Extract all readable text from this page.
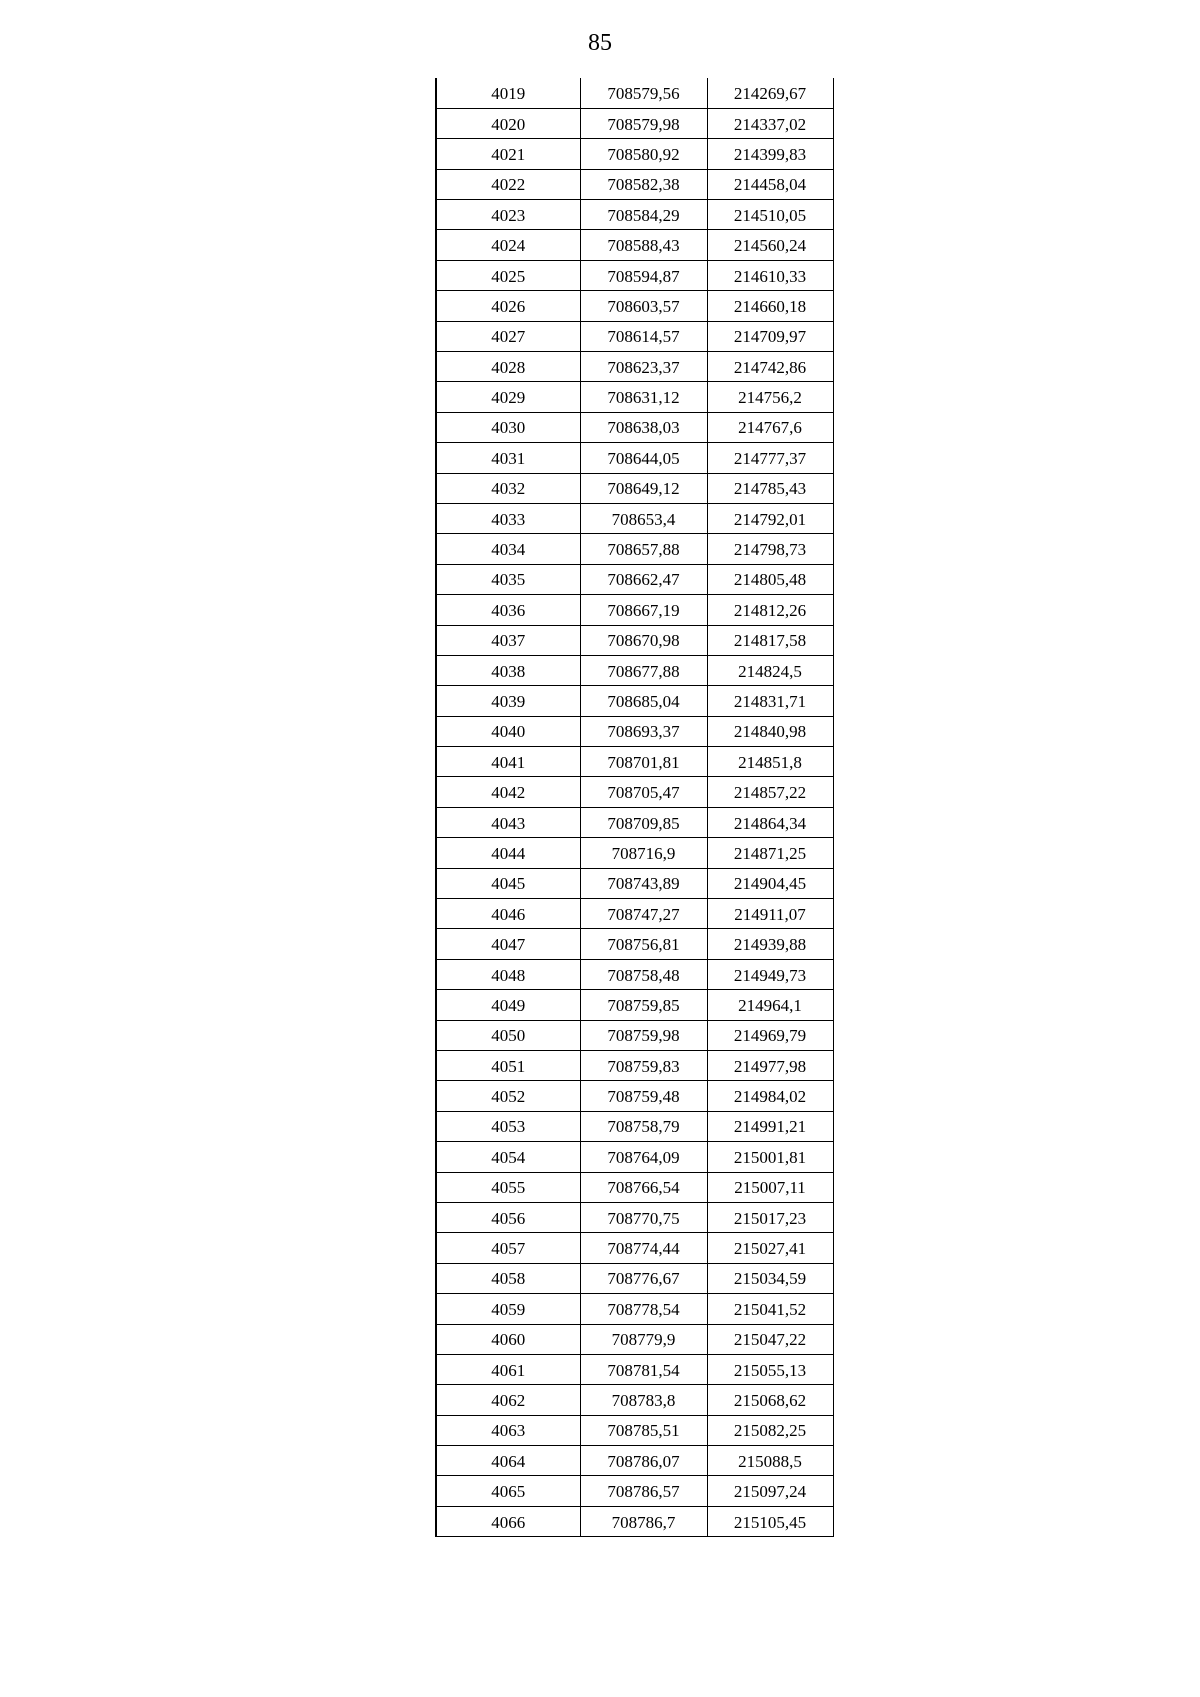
85
4019	708579,56	214269,67
4020	708579,98	214337,02
4021	708580,92	214399,83
4022	708582,38	214458,04
4023	708584,29	214510,05
4024	708588,43	214560,24
4025	708594,87	214610,33
4026	708603,57	214660,18
4027	708614,57	214709,97
4028	708623,37	214742,86
4029	708631,12	214756,2
4030	708638,03	214767,6
4031	708644,05	214777,37
4032	708649,12	214785,43
4033	708653,4	214792,01
4034	708657,88	214798,73
4035	708662,47	214805,48
4036	708667,19	214812,26
4037	708670,98	214817,58
4038	708677,88	214824,5
4039	708685,04	214831,71
4040	708693,37	214840,98
4041	708701,81	214851,8
4042	708705,47	214857,22
4043	708709,85	214864,34
4044	708716,9	214871,25
4045	708743,89	214904,45
4046	708747,27	214911,07
4047	708756,81	214939,88
4048	708758,48	214949,73
4049	708759,85	214964,1
4050	708759,98	214969,79
4051	708759,83	214977,98
4052	708759,48	214984,02
4053	708758,79	214991,21
4054	708764,09	215001,81
4055	708766,54	215007,11
4056	708770,75	215017,23
4057	708774,44	215027,41
4058	708776,67	215034,59
4059	708778,54	215041,52
4060	708779,9	215047,22
4061	708781,54	215055,13
4062	708783,8	215068,62
4063	708785,51	215082,25
4064	708786,07	215088,5
4065	708786,57	215097,24
4066	708786,7	215105,45
